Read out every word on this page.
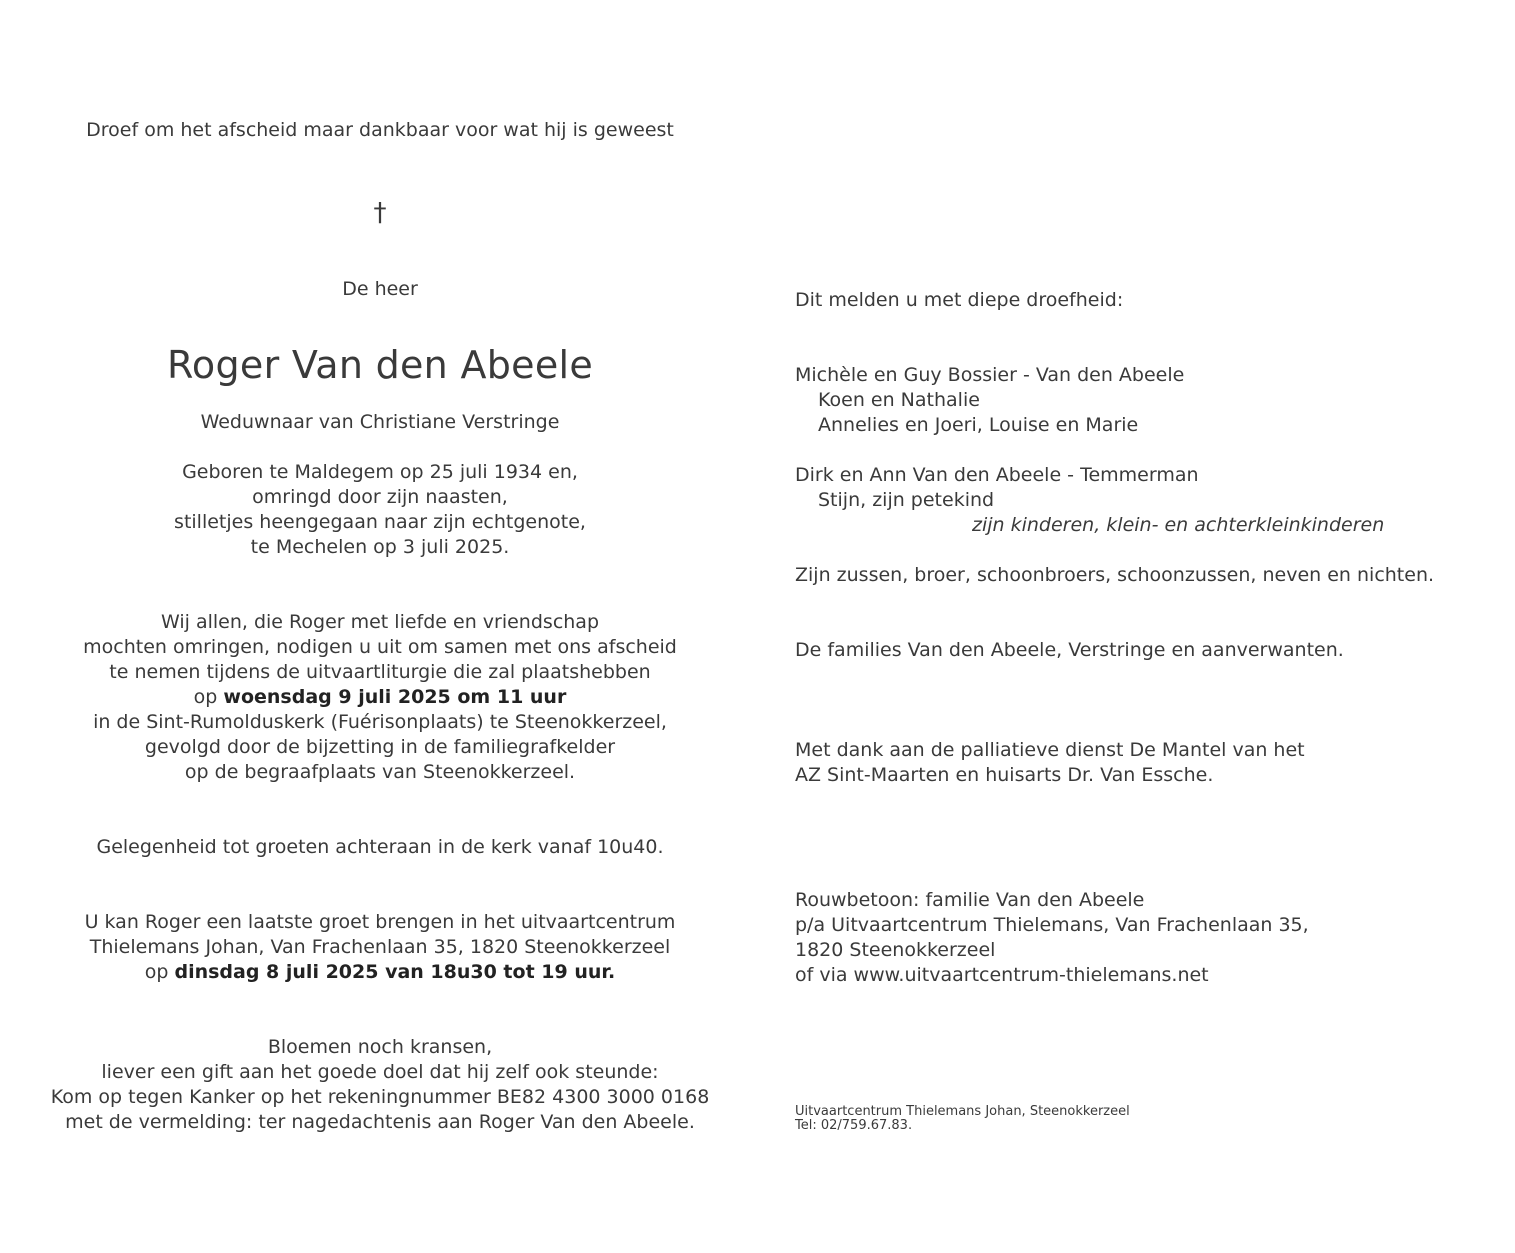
Droef om het afscheid maar dankbaar voor wat hij is geweest
†
De heer
Roger Van den Abeele
Weduwnaar van Christiane Verstringe
Geboren te Maldegem op 25 juli 1934 en,
omringd door zijn naasten,
stilletjes heengegaan naar zijn echtgenote,
te Mechelen op 3 juli 2025.
Wij allen, die Roger met liefde en vriendschap
mochten omringen, nodigen u uit om samen met ons afscheid
te nemen tijdens de uitvaartliturgie die zal plaatshebben
op woensdag 9 juli 2025 om 11 uur
in de Sint-Rumolduskerk (Fuérisonplaats) te Steenokkerzeel,
gevolgd door de bijzetting in de familiegrafkelder
op de begraafplaats van Steenokkerzeel.
Gelegenheid tot groeten achteraan in de kerk vanaf 10u40.
U kan Roger een laatste groet brengen in het uitvaartcentrum
Thielemans Johan, Van Frachenlaan 35, 1820 Steenokkerzeel
op dinsdag 8 juli 2025 van 18u30 tot 19 uur.
Bloemen noch kransen,
liever een gift aan het goede doel dat hij zelf ook steunde:
Kom op tegen Kanker op het rekeningnummer BE82 4300 3000 0168
met de vermelding: ter nagedachtenis aan Roger Van den Abeele.
Dit melden u met diepe droefheid:
Michèle en Guy Bossier - Van den Abeele
Koen en Nathalie
Annelies en Joeri, Louise en Marie
Dirk en Ann Van den Abeele - Temmerman
Stijn, zijn petekind
zijn kinderen, klein- en achterkleinkinderen
Zijn zussen, broer, schoonbroers, schoonzussen, neven en nichten.
De families Van den Abeele, Verstringe en aanverwanten.
Met dank aan de palliatieve dienst De Mantel van het
AZ Sint-Maarten en huisarts Dr. Van Essche.
Rouwbetoon: familie Van den Abeele
p/a Uitvaartcentrum Thielemans, Van Frachenlaan 35,
1820 Steenokkerzeel
of via www.uitvaartcentrum-thielemans.net
Uitvaartcentrum Thielemans Johan, Steenokkerzeel
Tel: 02/759.67.83.
